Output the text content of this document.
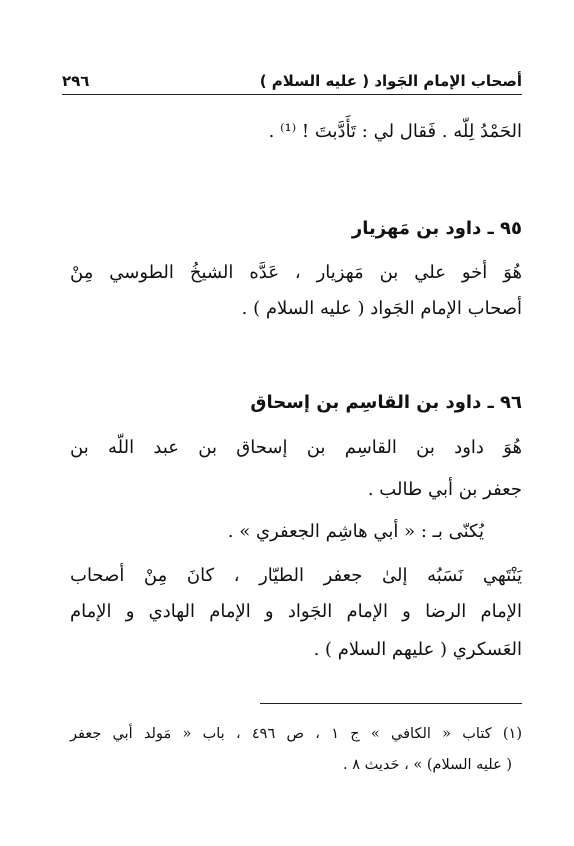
أصحاب الإمام الجَواد ( عليه السلام )
٢٩٦
الحَمْدُ لِلّه . فَقال لي : تَأَدَّبتَ ! ⁽¹⁾ .
٩٥ ـ داود بن مَهزيار
هُوَ أخو علي بن مَهزيار ، عَدَّه الشيخُ الطوسي مِنْ
أصحاب الإمام الجَواد ( عليه السلام ) .
٩٦ ـ داود بن القاسِم بن إسحاق
هُوَ داود بن القاسِم بن إسحاق بن عبد اللّه بن
جعفر بن أبي طالب .
يُكنّى بـ : « أبي هاشِم الجعفري » .
يَنْتَهي نَسَبُه إلىٰ جعفر الطيّار ، كانَ مِنْ أصحاب
الإمام الرضا و الإمام الجَواد و الإمام الهادي و الإمام
العَسكري ( عليهم السلام ) .
(١) كتاب « الكافي » ج ١ ، ص ٤٩٦ ، باب « مَولد أبي جعفر
( عليه السلام) » ، حَديث ٨ .
